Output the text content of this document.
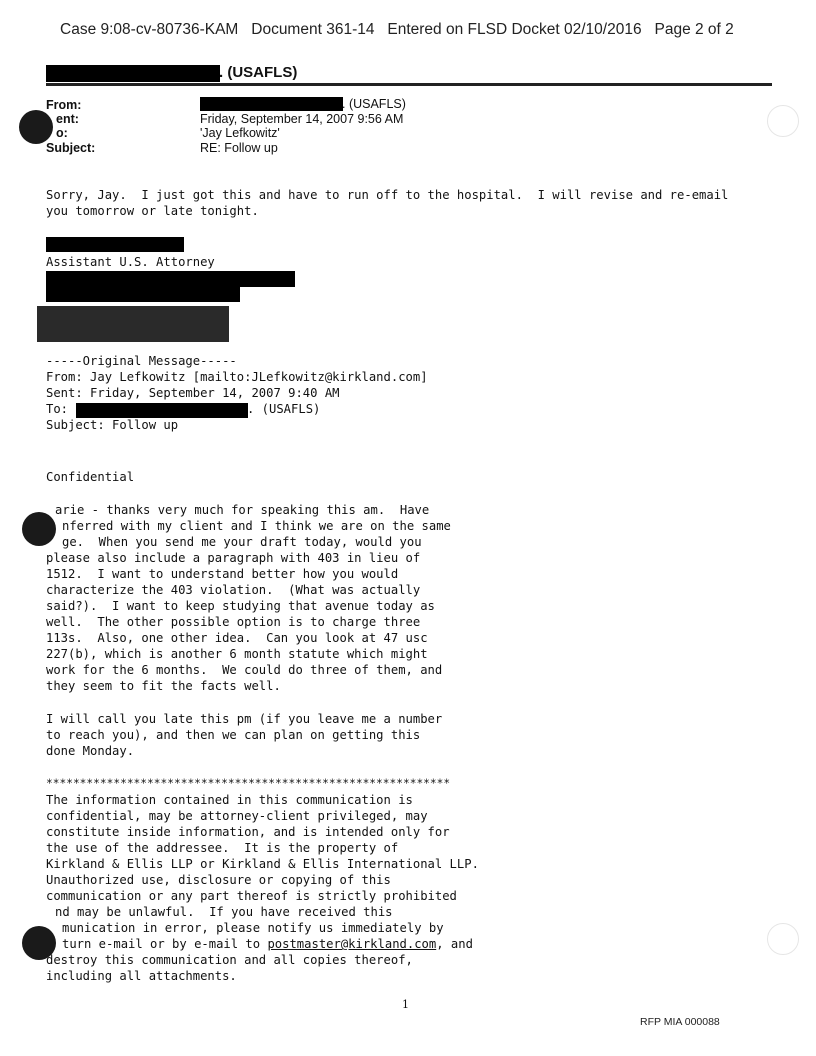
Case 9:08-cv-80736-KAM   Document 361-14   Entered on FLSD Docket 02/10/2016   Page 2 of 2
. (USAFLS)
From:	. (USAFLS)
ent:	Friday, September 14, 2007 9:56 AM
o:	'Jay Lefkowitz'
Subject:	RE: Follow up
Sorry, Jay.  I just got this and have to run off to the hospital.  I will revise and re-email
you tomorrow or late tonight.
Assistant U.S. Attorney
-----Original Message-----
From: Jay Lefkowitz [mailto:JLefkowitz@kirkland.com]
Sent: Friday, September 14, 2007 9:40 AM
To:	. (USAFLS)
Subject: Follow up
Confidential
arie - thanks very much for speaking this am.  Have
nferred with my client and I think we are on the same
ge.  When you send me your draft today, would you
please also include a paragraph with 403 in lieu of
1512.  I want to understand better how you would
characterize the 403 violation.  (What was actually
said?).  I want to keep studying that avenue today as
well.  The other possible option is to charge three
113s.  Also, one other idea.  Can you look at 47 usc
227(b), which is another 6 month statute which might
work for the 6 months.  We could do three of them, and
they seem to fit the facts well.
I will call you late this pm (if you leave me a number
to reach you), and then we can plan on getting this
done Monday.
************************************************************
The information contained in this communication is
confidential, may be attorney-client privileged, may
constitute inside information, and is intended only for
the use of the addressee.  It is the property of
Kirkland & Ellis LLP or Kirkland & Ellis International LLP.
Unauthorized use, disclosure or copying of this
communication or any part thereof is strictly prohibited
nd may be unlawful.  If you have received this
munication in error, please notify us immediately by
turn e-mail or by e-mail to postmaster@kirkland.com, and
destroy this communication and all copies thereof,
including all attachments.
1
RFP MIA 000088
